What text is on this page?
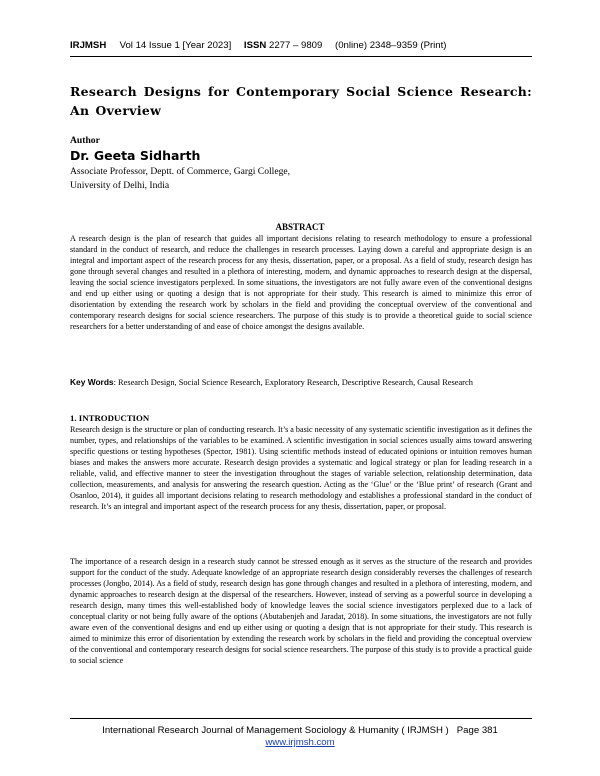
IRJMSH Vol 14 Issue 1 [Year 2023] ISSN 2277 – 9809 (0nline) 2348–9359 (Print)
Research Designs for Contemporary Social Science Research: An Overview
Author
Dr. Geeta Sidharth
Associate Professor, Deptt. of Commerce, Gargi College,
University of Delhi, India
ABSTRACT
A research design is the plan of research that guides all important decisions relating to research methodology to ensure a professional standard in the conduct of research, and reduce the challenges in research processes. Laying down a careful and appropriate design is an integral and important aspect of the research process for any thesis, dissertation, paper, or a proposal. As a field of study, research design has gone through several changes and resulted in a plethora of interesting, modern, and dynamic approaches to research design at the dispersal, leaving the social science investigators perplexed. In some situations, the investigators are not fully aware even of the conventional designs and end up either using or quoting a design that is not appropriate for their study. This research is aimed to minimize this error of disorientation by extending the research work by scholars in the field and providing the conceptual overview of the conventional and contemporary research designs for social science researchers. The purpose of this study is to provide a theoretical guide to social science researchers for a better understanding of and ease of choice amongst the designs available.
Key Words: Research Design, Social Science Research, Exploratory Research, Descriptive Research, Causal Research
1. INTRODUCTION
Research design is the structure or plan of conducting research. It’s a basic necessity of any systematic scientific investigation as it defines the number, types, and relationships of the variables to be examined. A scientific investigation in social sciences usually aims toward answering specific questions or testing hypotheses (Spector, 1981). Using scientific methods instead of educated opinions or intuition removes human biases and makes the answers more accurate. Research design provides a systematic and logical strategy or plan for leading research in a reliable, valid, and effective manner to steer the investigation throughout the stages of variable selection, relationship determination, data collection, measurements, and analysis for answering the research question. Acting as the ‘Glue’ or the ‘Blue print’ of research (Grant and Osanloo, 2014), it guides all important decisions relating to research methodology and establishes a professional standard in the conduct of research. It’s an integral and important aspect of the research process for any thesis, dissertation, paper, or proposal.
The importance of a research design in a research study cannot be stressed enough as it serves as the structure of the research and provides support for the conduct of the study. Adequate knowledge of an appropriate research design considerably reverses the challenges of research processes (Jongbo, 2014). As a field of study, research design has gone through changes and resulted in a plethora of interesting, modern, and dynamic approaches to research design at the dispersal of the researchers. However, instead of serving as a powerful source in developing a research design, many times this well-established body of knowledge leaves the social science investigators perplexed due to a lack of conceptual clarity or not being fully aware of the options (Abutabenjeh and Jaradat, 2018). In some situations, the investigators are not fully aware even of the conventional designs and end up either using or quoting a design that is not appropriate for their study. This research is aimed to minimize this error of disorientation by extending the research work by scholars in the field and providing the conceptual overview of the conventional and contemporary research designs for social science researchers. The purpose of this study is to provide a practical guide to social science
International Research Journal of Management Sociology & Humanity ( IRJMSH ) Page 381
www.irjmsh.com
